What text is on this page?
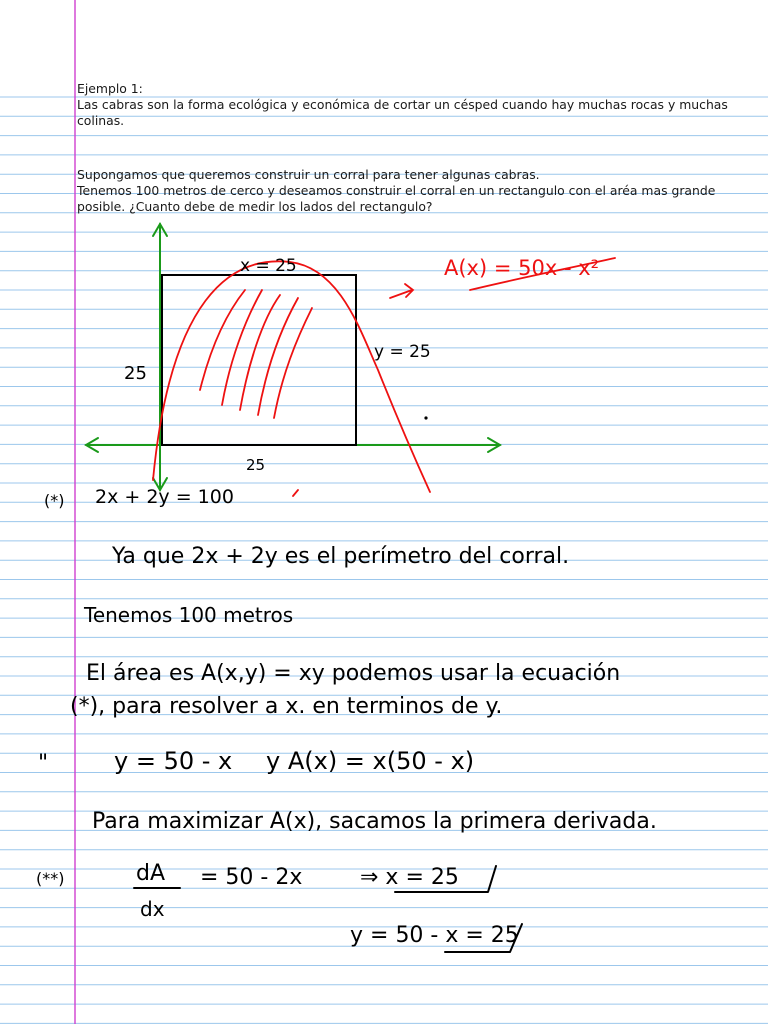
Ejemplo 1:

Las cabras son la forma ecológica y económica de cortar un césped cuando hay muchas rocas y muchas colinas.

Supongamos que queremos construir un corral para tener algunas cabras.

Tenemos 100 metros de cerco y deseamos construir el corral en un rectangulo con el aréa mas grande posible. ¿Cuanto debe de medir los lados del rectangulo?

x = 25
y = 25
25
25
A(x) = 50x - x²
(*) 2x + 2y = 100
Ya que 2x + 2y es el perímetro del corral.
Tenemos 100 metros
El área es A(x,y) = xy podemos usar la ecuación
(*), para resolver a x. en terminos de y.
"	y = 50 - x y A(x) = x(50 - x)
Para maximizar A(x), sacamos la primera derivada.
(**)	dA
dx
= 50 - 2x	⇒ x = 25
y = 50 - x = 25
